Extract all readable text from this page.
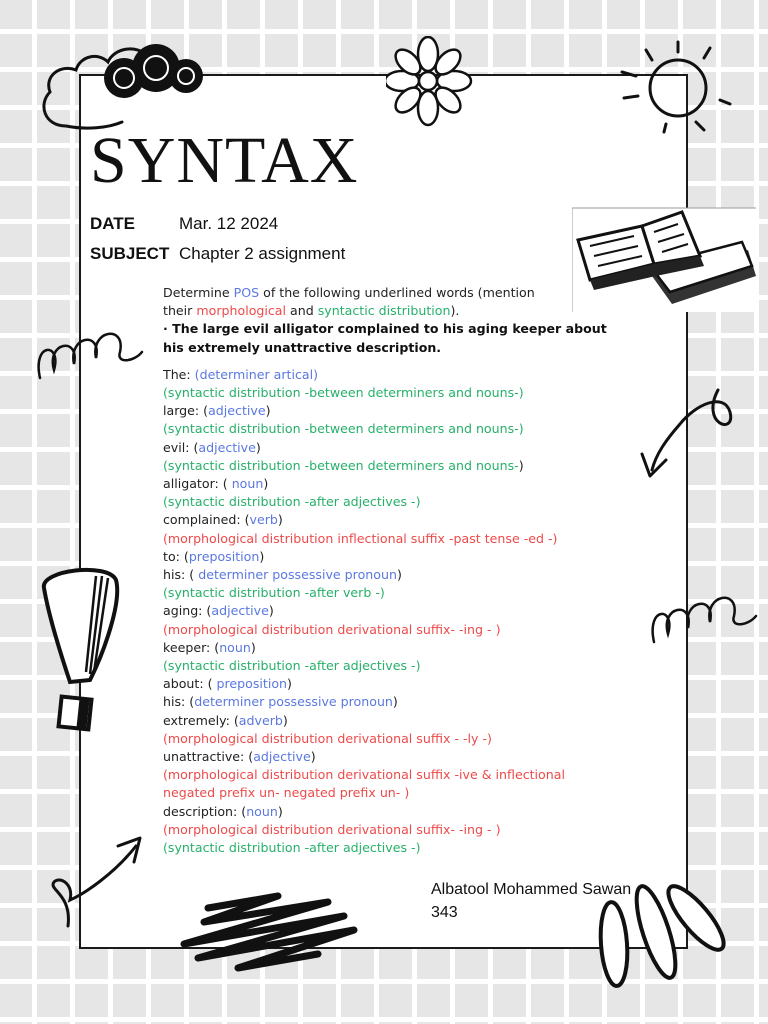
SYNTAX
DATE	Mar. 12 2024
SUBJECT Chapter 2 assignment
Determine POS of the following underlined words (mention
their morphological and syntactic distribution).
· The large evil alligator complained to his aging keeper about his extremely unattractive description.
The: (determiner artical)
(syntactic distribution -between determiners and nouns-)
large: (adjective)
(syntactic distribution -between determiners and nouns-)
evil: (adjective)
(syntactic distribution -between determiners and nouns-)
alligator: ( noun)
(syntactic distribution -after adjectives -)
complained: (verb)
(morphological distribution inflectional suffix -past tense -ed -)
to: (preposition)
his: ( determiner possessive pronoun)
(syntactic distribution -after verb -)
aging: (adjective)
(morphological distribution derivational suffix- -ing - )
keeper: (noun)
(syntactic distribution -after adjectives -)
about: ( preposition)
his: (determiner possessive pronoun)
extremely: (adverb)
(morphological distribution derivational suffix - -ly -)
unattractive: (adjective)
(morphological distribution derivational suffix -ive & inflectional negated prefix un- negated prefix un- )
description: (noun)
(morphological distribution derivational suffix- -ing - )
(syntactic distribution -after adjectives -)
Albatool Mohammed Sawan
343
